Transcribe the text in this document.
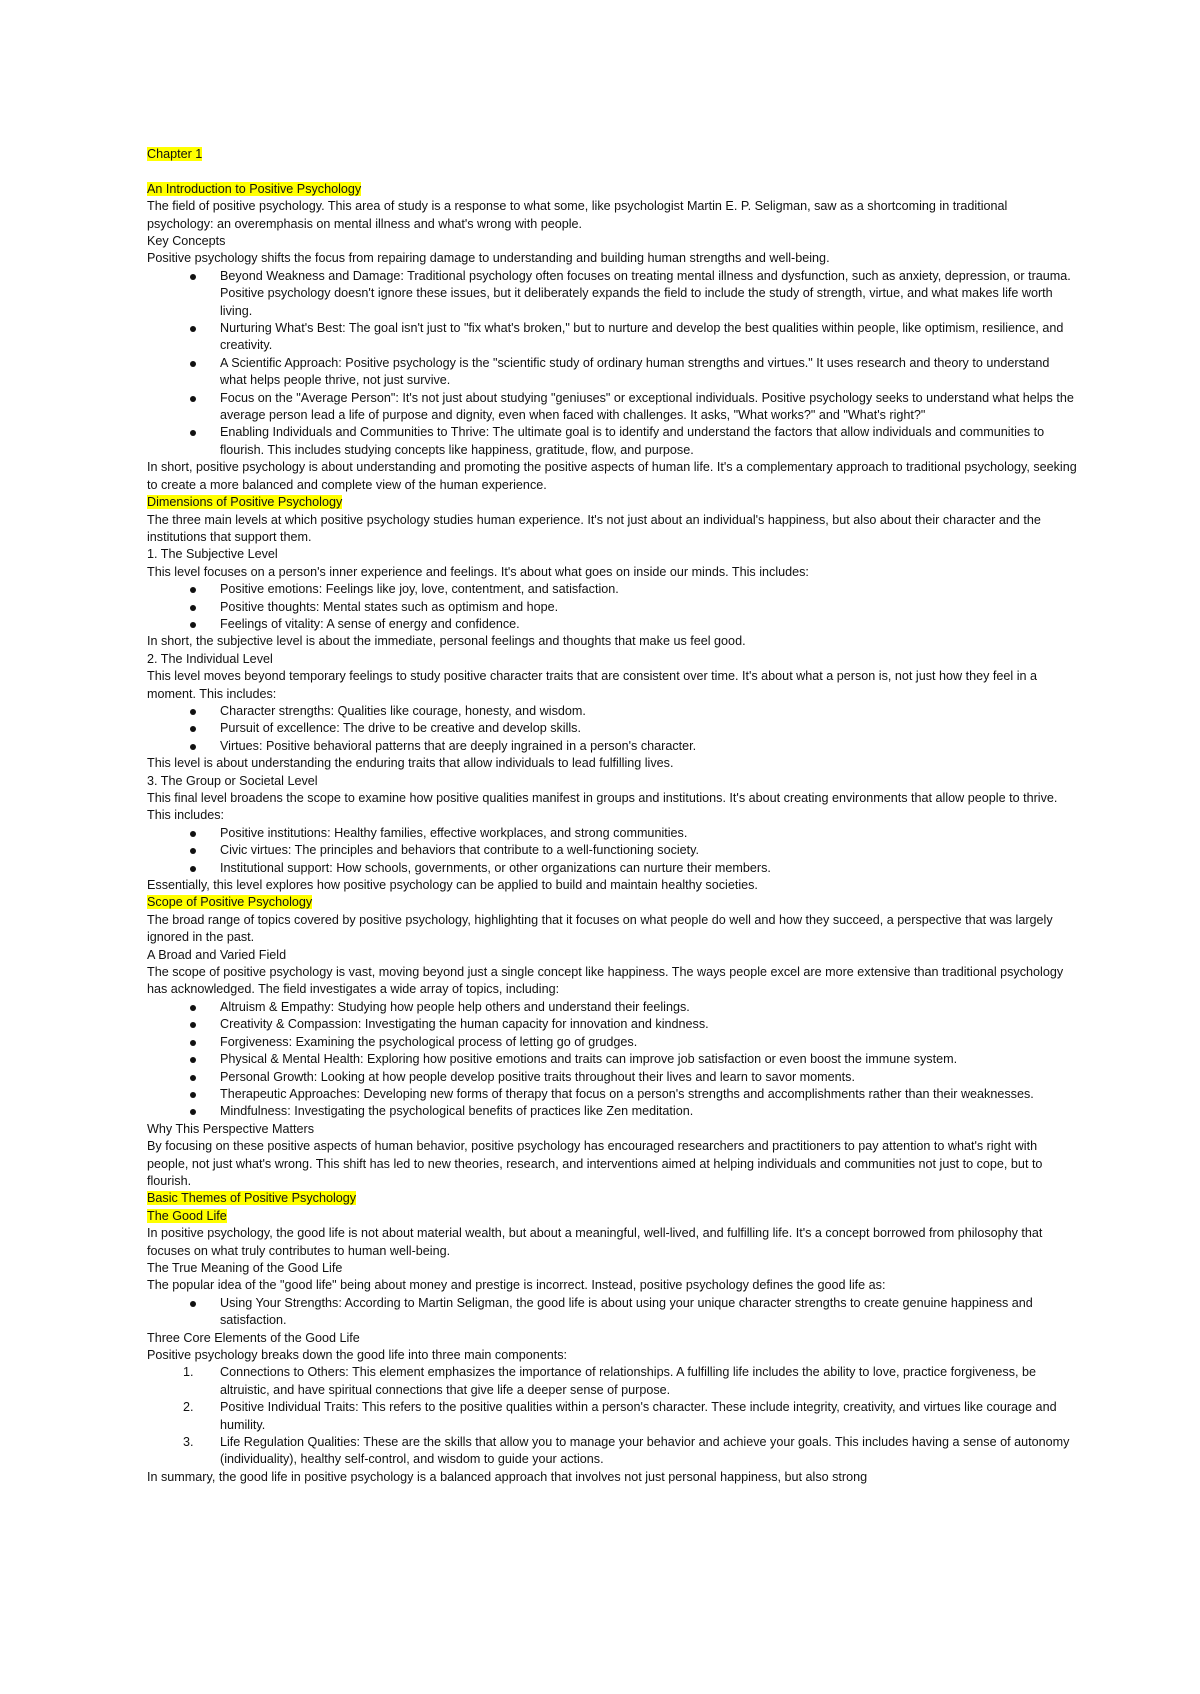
Chapter 1

An Introduction to Positive Psychology

The field of positive psychology. This area of study is a response to what some, like psychologist Martin E. P. Seligman, saw as a shortcoming in traditional psychology: an overemphasis on mental illness and what's wrong with people.

Key Concepts

Positive psychology shifts the focus from repairing damage to understanding and building human strengths and well-being.

Beyond Weakness and Damage: Traditional psychology often focuses on treating mental illness and dysfunction, such as anxiety, depression, or trauma. Positive psychology doesn't ignore these issues, but it deliberately expands the field to include the study of strength, virtue, and what makes life worth living.
Nurturing What's Best: The goal isn't just to "fix what's broken," but to nurture and develop the best qualities within people, like optimism, resilience, and creativity.
A Scientific Approach: Positive psychology is the "scientific study of ordinary human strengths and virtues." It uses research and theory to understand what helps people thrive, not just survive.
Focus on the "Average Person": It's not just about studying "geniuses" or exceptional individuals. Positive psychology seeks to understand what helps the average person lead a life of purpose and dignity, even when faced with challenges. It asks, "What works?" and "What's right?"
Enabling Individuals and Communities to Thrive: The ultimate goal is to identify and understand the factors that allow individuals and communities to flourish. This includes studying concepts like happiness, gratitude, flow, and purpose.

In short, positive psychology is about understanding and promoting the positive aspects of human life. It's a complementary approach to traditional psychology, seeking to create a more balanced and complete view of the human experience.

Dimensions of Positive Psychology

The three main levels at which positive psychology studies human experience. It's not just about an individual's happiness, but also about their character and the institutions that support them.

1. The Subjective Level

This level focuses on a person's inner experience and feelings. It's about what goes on inside our minds. This includes:

Positive emotions: Feelings like joy, love, contentment, and satisfaction.
Positive thoughts: Mental states such as optimism and hope.
Feelings of vitality: A sense of energy and confidence.

In short, the subjective level is about the immediate, personal feelings and thoughts that make us feel good.

2. The Individual Level

This level moves beyond temporary feelings to study positive character traits that are consistent over time. It's about what a person is, not just how they feel in a moment. This includes:

Character strengths: Qualities like courage, honesty, and wisdom.
Pursuit of excellence: The drive to be creative and develop skills.
Virtues: Positive behavioral patterns that are deeply ingrained in a person's character.

This level is about understanding the enduring traits that allow individuals to lead fulfilling lives.

3. The Group or Societal Level

This final level broadens the scope to examine how positive qualities manifest in groups and institutions. It's about creating environments that allow people to thrive. This includes:

Positive institutions: Healthy families, effective workplaces, and strong communities.
Civic virtues: The principles and behaviors that contribute to a well-functioning society.
Institutional support: How schools, governments, or other organizations can nurture their members.

Essentially, this level explores how positive psychology can be applied to build and maintain healthy societies.

Scope of Positive Psychology

The broad range of topics covered by positive psychology, highlighting that it focuses on what people do well and how they succeed, a perspective that was largely ignored in the past.

A Broad and Varied Field

The scope of positive psychology is vast, moving beyond just a single concept like happiness. The ways people excel are more extensive than traditional psychology has acknowledged. The field investigates a wide array of topics, including:

Altruism & Empathy: Studying how people help others and understand their feelings.
Creativity & Compassion: Investigating the human capacity for innovation and kindness.
Forgiveness: Examining the psychological process of letting go of grudges.
Physical & Mental Health: Exploring how positive emotions and traits can improve job satisfaction or even boost the immune system.
Personal Growth: Looking at how people develop positive traits throughout their lives and learn to savor moments.
Therapeutic Approaches: Developing new forms of therapy that focus on a person's strengths and accomplishments rather than their weaknesses.
Mindfulness: Investigating the psychological benefits of practices like Zen meditation.

Why This Perspective Matters

By focusing on these positive aspects of human behavior, positive psychology has encouraged researchers and practitioners to pay attention to what's right with people, not just what's wrong. This shift has led to new theories, research, and interventions aimed at helping individuals and communities not just to cope, but to flourish.

Basic Themes of Positive Psychology

The Good Life

In positive psychology, the good life is not about material wealth, but about a meaningful, well-lived, and fulfilling life. It's a concept borrowed from philosophy that focuses on what truly contributes to human well-being.

The True Meaning of the Good Life

The popular idea of the "good life" being about money and prestige is incorrect. Instead, positive psychology defines the good life as:

Using Your Strengths: According to Martin Seligman, the good life is about using your unique character strengths to create genuine happiness and satisfaction.

Three Core Elements of the Good Life

Positive psychology breaks down the good life into three main components:

Connections to Others: This element emphasizes the importance of relationships. A fulfilling life includes the ability to love, practice forgiveness, be altruistic, and have spiritual connections that give life a deeper sense of purpose.
Positive Individual Traits: This refers to the positive qualities within a person's character. These include integrity, creativity, and virtues like courage and humility.
Life Regulation Qualities: These are the skills that allow you to manage your behavior and achieve your goals. This includes having a sense of autonomy (individuality), healthy self-control, and wisdom to guide your actions.

In summary, the good life in positive psychology is a balanced approach that involves not just personal happiness, but also strong
